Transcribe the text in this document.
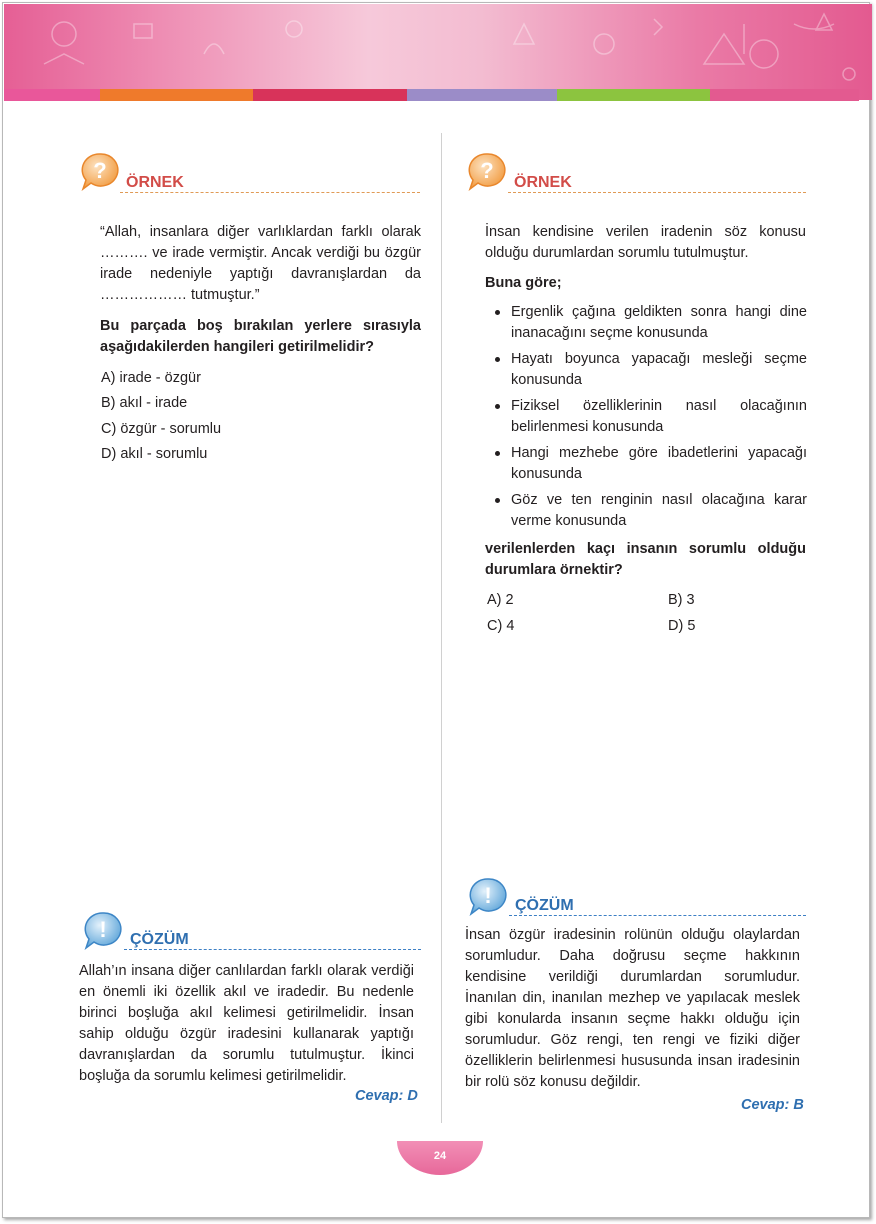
? ÖRNEK
“Allah, insanlara diğer varlıklardan farklı olarak ………. ve irade vermiştir. Ancak verdiği bu özgür irade nedeniyle yaptığı davranışlardan da ……………… tutmuştur.”
Bu parçada boş bırakılan yerlere sırasıyla aşağıdakilerden hangileri getirilmelidir?
A) irade - özgür
B) akıl - irade
C) özgür - sorumlu
D) akıl - sorumlu
! ÇÖZÜM
Allah’ın insana diğer canlılardan farklı olarak verdiği en önemli iki özellik akıl ve iradedir. Bu nedenle birinci boşluğa akıl kelimesi getirilmelidir. İnsan sahip olduğu özgür iradesini kullanarak yaptığı davranışlardan da sorumlu tutulmuştur. İkinci boşluğa da sorumlu kelimesi getirilmelidir.
Cevap: D
? ÖRNEK
İnsan kendisine verilen iradenin söz konusu olduğu durumlardan sorumlu tutulmuştur.
Buna göre;
Ergenlik çağına geldikten sonra hangi dine inanacağını seçme konusunda
Hayatı boyunca yapacağı mesleği seçme konusunda
Fiziksel özelliklerinin nasıl olacağının belirlenmesi konusunda
Hangi mezhebe göre ibadetlerini yapacağı konusunda
Göz ve ten renginin nasıl olacağına karar verme konusunda
verilenlerden kaçı insanın sorumlu olduğu durumlara örnektir?
A) 2	B) 3
C) 4	D) 5
! ÇÖZÜM
İnsan özgür iradesinin rolünün olduğu olaylardan sorumludur. Daha doğrusu seçme hakkının kendisine verildiği durumlardan sorumludur. İnanılan din, inanılan mezhep ve yapılacak meslek gibi konularda insanın seçme hakkı olduğu için sorumludur. Göz rengi, ten rengi ve fiziki diğer özelliklerin belirlenmesi hususunda insan iradesinin bir rolü söz konusu değildir.
Cevap: B
24
